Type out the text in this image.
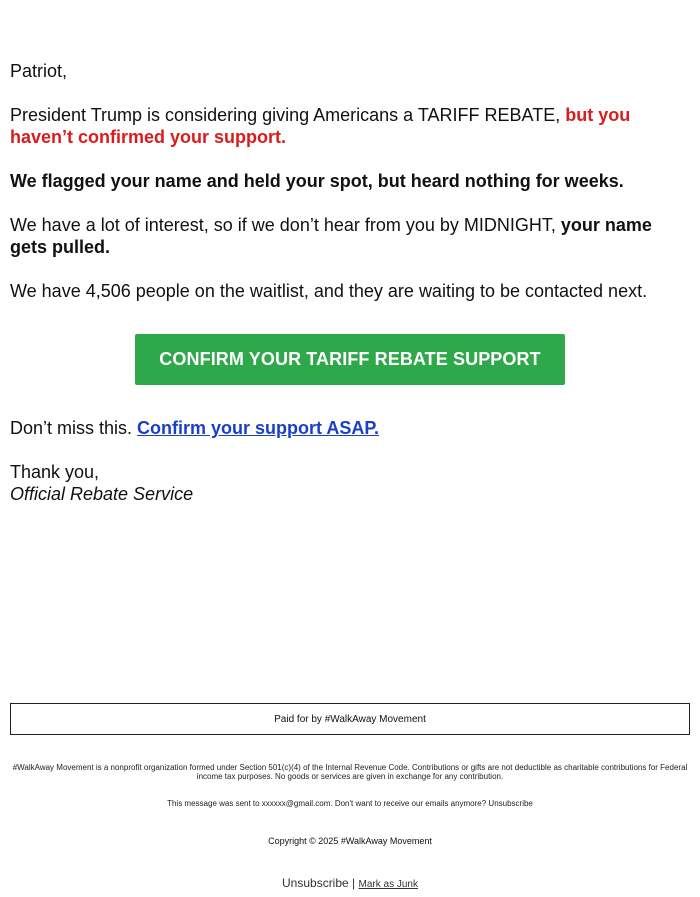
Patriot,

President Trump is considering giving Americans a TARIFF REBATE, but you haven’t confirmed your support.

We flagged your name and held your spot, but heard nothing for weeks.

We have a lot of interest, so if we don’t hear from you by MIDNIGHT, your name gets pulled.

We have 4,506 people on the waitlist, and they are waiting to be contacted next.

CONFIRM YOUR TARIFF REBATE SUPPORT

Don’t miss this. Confirm your support ASAP.

Thank you,

Official Rebate Service

Paid for by #WalkAway Movement

#WalkAway Movement is a nonprofit organization formed under Section 501(c)(4) of the Internal Revenue Code. Contributions or gifts are not deductible as charitable contributions for Federal income tax purposes. No goods or services are given in exchange for any contribution.

This message was sent to xxxxxx@gmail.com. Don't want to receive our emails anymore? Unsubscribe

Copyright © 2025 #WalkAway Movement
Unsubscribe | Mark as Junk
